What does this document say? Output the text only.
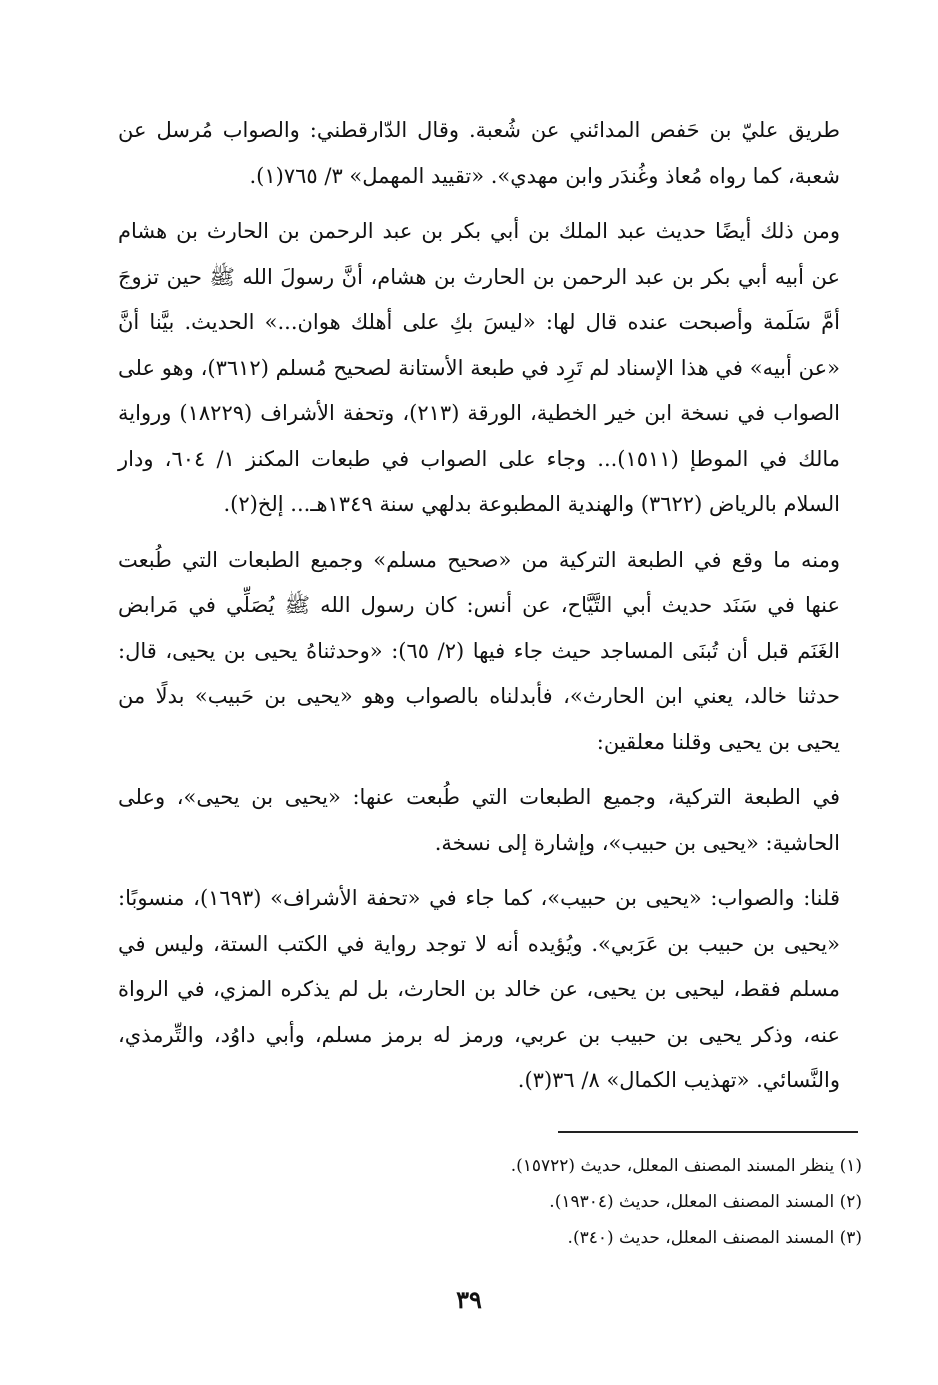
طريق عليّ بن حَفص المدائني عن شُعبة. وقال الدّارقطني: والصواب مُرسل عن شعبة، كما رواه مُعاذ وغُندَر وابن مهدي». «تقييد المهمل» ٣/ ٧٦٥(١).

ومن ذلك أيضًا حديث عبد الملك بن أبي بكر بن عبد الرحمن بن الحارث بن هشام عن أبيه أبي بكر بن عبد الرحمن بن الحارث بن هشام، أنَّ رسولَ الله ﷺ حين تزوجَ أمَّ سَلَمة وأصبحت عنده قال لها: «ليسَ بكِ على أهلك هوان...» الحديث. بيَّنا أنَّ «عن أبيه» في هذا الإسناد لم تَرِد في طبعة الأستانة لصحيح مُسلم (٣٦١٢)، وهو على الصواب في نسخة ابن خير الخطية، الورقة (٢١٣)، وتحفة الأشراف (١٨٢٢٩) ورواية مالك في الموطإ (١٥١١)... وجاء على الصواب في طبعات المكنز ١/ ٦٠٤، ودار السلام بالرياض (٣٦٢٢) والهندية المطبوعة بدلهي سنة ١٣٤٩هـ... إلخ(٢).

ومنه ما وقع في الطبعة التركية من «صحيح مسلم» وجميع الطبعات التي طُبعت عنها في سَنَد حديث أبي التَّيَّاح، عن أنس: كان رسول الله ﷺ يُصَلِّي في مَرابض الغَنَم قبل أن تُبنَى المساجد حيث جاء فيها (٢/ ٦٥): «وحدثناهُ يحيى بن يحيى، قال: حدثنا خالد، يعني ابن الحارث»، فأبدلناه بالصواب وهو «يحيى بن حَبيب» بدلًا من يحيى بن يحيى وقلنا معلقين:

في الطبعة التركية، وجميع الطبعات التي طُبعت عنها: «يحيى بن يحيى»، وعلى الحاشية: «يحيى بن حبيب»، وإشارة إلى نسخة.

قلنا: والصواب: «يحيى بن حبيب»، كما جاء في «تحفة الأشراف» (١٦٩٣)، منسوبًا: «يحيى بن حبيب بن عَرَبي». ويُؤيده أنه لا توجد رواية في الكتب الستة، وليس في مسلم فقط، ليحيى بن يحيى، عن خالد بن الحارث، بل لم يذكره المزي، في الرواة عنه، وذكر يحيى بن حبيب بن عربي، ورمز له برمز مسلم، وأبي داوُد، والتِّرمذي، والنَّسائي. «تهذيب الكمال» ٨/ ٣٦(٣).

(١) ينظر المسند المصنف المعلل، حديث (١٥٧٢٢).

(٢) المسند المصنف المعلل، حديث (١٩٣٠٤).

(٣) المسند المصنف المعلل، حديث (٣٤٠).

٣٩
